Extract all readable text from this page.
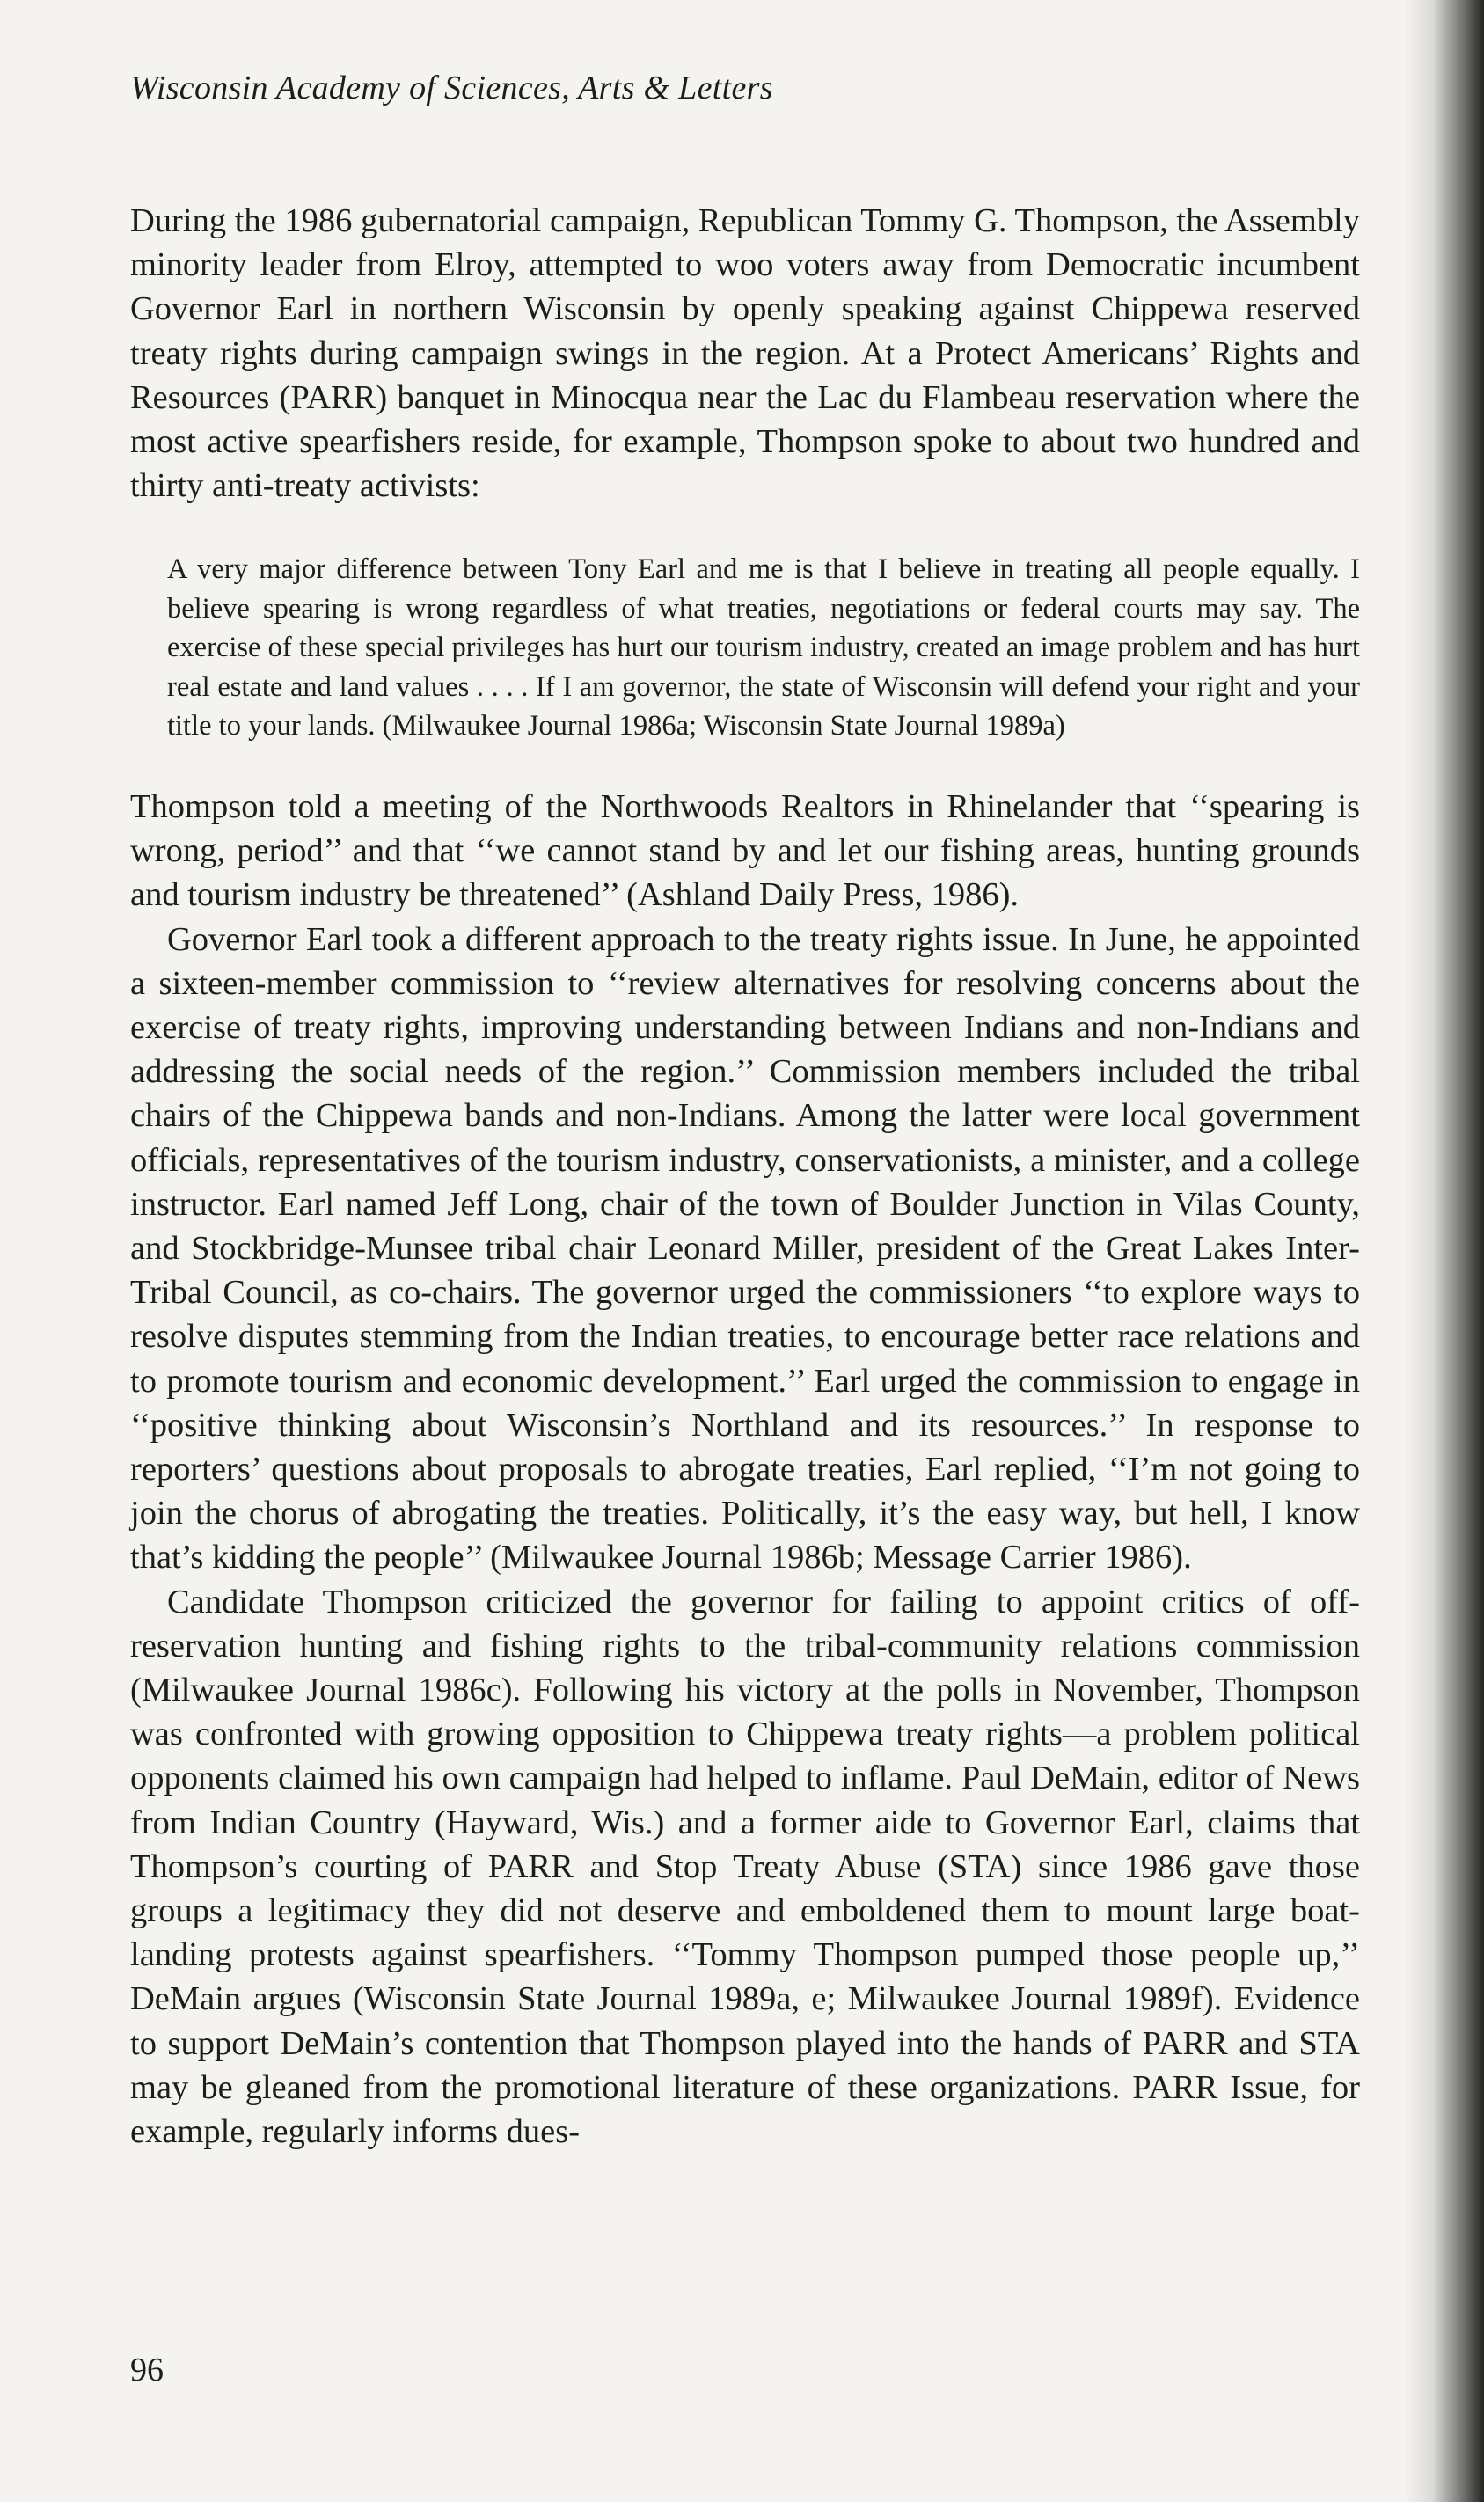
Wisconsin Academy of Sciences, Arts & Letters

During the 1986 gubernatorial campaign, Republican Tommy G. Thompson, the Assembly minority leader from Elroy, attempted to woo voters away from Democratic incumbent Governor Earl in northern Wisconsin by openly speaking against Chippewa reserved treaty rights during campaign swings in the region. At a Protect Americans’ Rights and Resources (PARR) banquet in Minocqua near the Lac du Flambeau reservation where the most active spearfishers reside, for example, Thompson spoke to about two hundred and thirty anti-treaty activists:

A very major difference between Tony Earl and me is that I believe in treating all people equally. I believe spearing is wrong regardless of what treaties, negotiations or federal courts may say. The exercise of these special privileges has hurt our tourism industry, created an image problem and has hurt real estate and land values . . . . If I am governor, the state of Wisconsin will defend your right and your title to your lands. (Milwaukee Journal 1986a; Wisconsin State Journal 1989a)

Thompson told a meeting of the Northwoods Realtors in Rhinelander that ‘‘spearing is wrong, period’’ and that ‘‘we cannot stand by and let our fishing areas, hunting grounds and tourism industry be threatened’’ (Ashland Daily Press, 1986).

Governor Earl took a different approach to the treaty rights issue. In June, he appointed a sixteen-member commission to ‘‘review alternatives for resolving concerns about the exercise of treaty rights, improving understanding between Indians and non-Indians and addressing the social needs of the region.’’ Commission members included the tribal chairs of the Chippewa bands and non-Indians. Among the latter were local government officials, representatives of the tourism industry, conservationists, a minister, and a college instructor. Earl named Jeff Long, chair of the town of Boulder Junction in Vilas County, and Stockbridge-Munsee tribal chair Leonard Miller, president of the Great Lakes Inter-Tribal Council, as co-chairs. The governor urged the commissioners ‘‘to explore ways to resolve disputes stemming from the Indian treaties, to encourage better race relations and to promote tourism and economic development.’’ Earl urged the commission to engage in ‘‘positive thinking about Wisconsin’s Northland and its resources.’’ In response to reporters’ questions about proposals to abrogate treaties, Earl replied, ‘‘I’m not going to join the chorus of abrogating the treaties. Politically, it’s the easy way, but hell, I know that’s kidding the people’’ (Milwaukee Journal 1986b; Message Carrier 1986).

Candidate Thompson criticized the governor for failing to appoint critics of off-reservation hunting and fishing rights to the tribal-community relations commission (Milwaukee Journal 1986c). Following his victory at the polls in November, Thompson was confronted with growing opposition to Chippewa treaty rights—a problem political opponents claimed his own campaign had helped to inflame. Paul DeMain, editor of News from Indian Country (Hayward, Wis.) and a former aide to Governor Earl, claims that Thompson’s courting of PARR and Stop Treaty Abuse (STA) since 1986 gave those groups a legitimacy they did not deserve and emboldened them to mount large boat-landing protests against spearfishers. ‘‘Tommy Thompson pumped those people up,’’ DeMain argues (Wisconsin State Journal 1989a, e; Milwaukee Journal 1989f). Evidence to support DeMain’s contention that Thompson played into the hands of PARR and STA may be gleaned from the promotional literature of these organizations. PARR Issue, for example, regularly informs dues-

96
